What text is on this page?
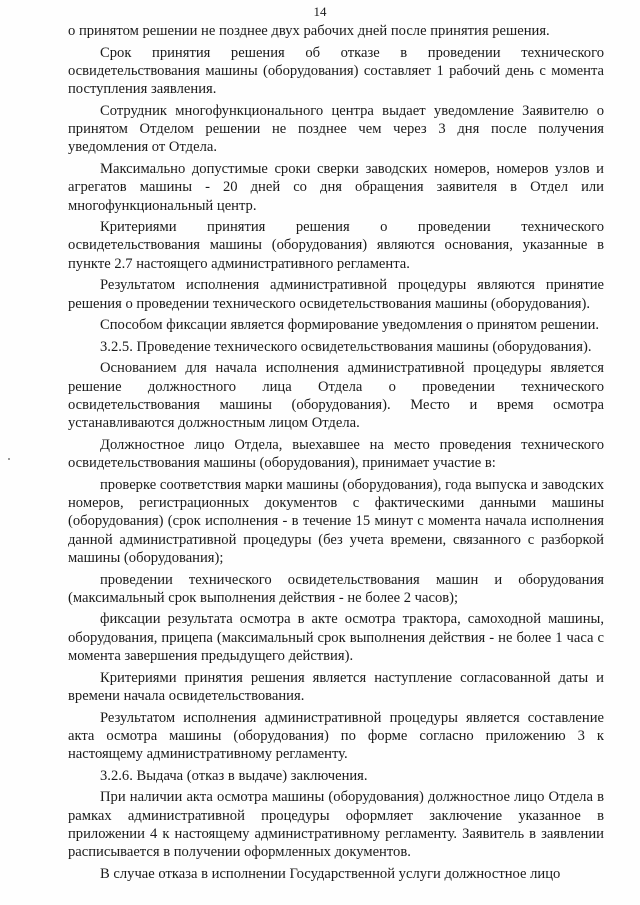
14

о принятом решении не позднее двух рабочих дней после принятия решения.

Срок принятия решения об отказе в проведении технического освидетельствования машины (оборудования) составляет 1 рабочий день с момента поступления заявления.

Сотрудник многофункционального центра выдает уведомление Заявителю о принятом Отделом решении не позднее чем через 3 дня после получения уведомления от Отдела.

Максимально допустимые сроки сверки заводских номеров, номеров узлов и агрегатов машины - 20 дней со дня обращения заявителя в Отдел или многофункциональный центр.

Критериями принятия решения о проведении технического освидетельствования машины (оборудования) являются основания, указанные в пункте 2.7 настоящего административного регламента.

Результатом исполнения административной процедуры являются принятие решения о проведении технического освидетельствования машины (оборудования).

Способом фиксации является формирование уведомления о принятом решении.

3.2.5. Проведение технического освидетельствования машины (оборудования).

Основанием для начала исполнения административной процедуры является решение должностного лица Отдела о проведении технического освидетельствования машины (оборудования). Место и время осмотра устанавливаются должностным лицом Отдела.

Должностное лицо Отдела, выехавшее на место проведения технического освидетельствования машины (оборудования), принимает участие в:

проверке соответствия марки машины (оборудования), года выпуска и заводских номеров, регистрационных документов с фактическими данными машины (оборудования) (срок исполнения - в течение 15 минут с момента начала исполнения данной административной процедуры (без учета времени, связанного с разборкой машины (оборудования);

проведении технического освидетельствования машин и оборудования (максимальный срок выполнения действия - не более 2 часов);

фиксации результата осмотра в акте осмотра трактора, самоходной машины, оборудования, прицепа (максимальный срок выполнения действия - не более 1 часа с момента завершения предыдущего действия).

Критериями принятия решения является наступление согласованной даты и времени начала освидетельствования.

Результатом исполнения административной процедуры является составление акта осмотра машины (оборудования) по форме согласно приложению 3 к настоящему административному регламенту.

3.2.6. Выдача (отказ в выдаче) заключения.

При наличии акта осмотра машины (оборудования) должностное лицо Отдела в рамках административной процедуры оформляет заключение указанное в приложении 4 к настоящему административному регламенту. Заявитель в заявлении расписывается в получении оформленных документов.

В случае отказа в исполнении Государственной услуги должностное лицо
